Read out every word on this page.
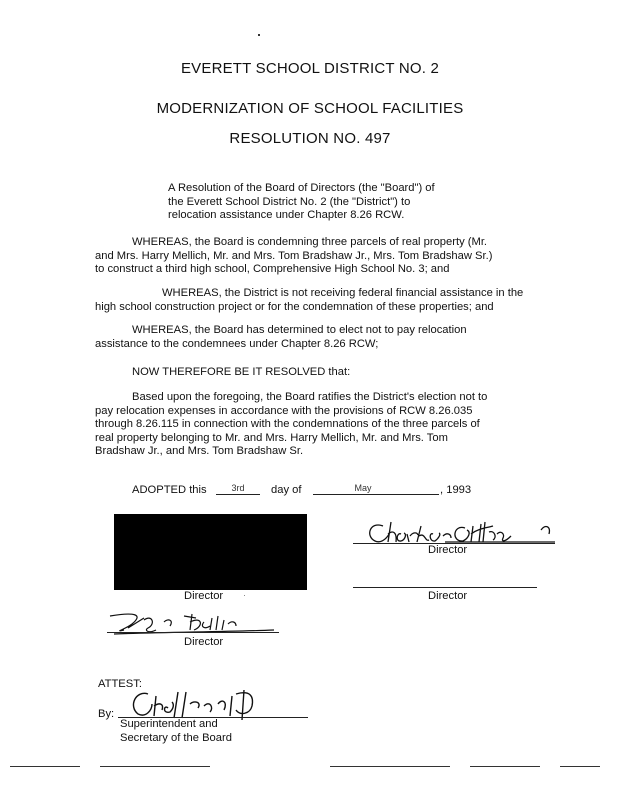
EVERETT SCHOOL DISTRICT NO. 2
MODERNIZATION OF SCHOOL FACILITIES
RESOLUTION NO. 497
A Resolution of the Board of Directors (the "Board") of
the Everett School District No. 2 (the "District") to
relocation assistance under Chapter 8.26 RCW.
WHEREAS, the Board is condemning three parcels of real property (Mr.
and Mrs. Harry Mellich, Mr. and Mrs. Tom Bradshaw Jr., Mrs. Tom Bradshaw Sr.)
to construct a third high school, Comprehensive High School No. 3; and
WHEREAS, the District is not receiving federal financial assistance in the
high school construction project or for the condemnation of these properties; and
WHEREAS, the Board has determined to elect not to pay relocation
assistance to the condemnees under Chapter 8.26 RCW;
NOW THEREFORE BE IT RESOLVED that:
Based upon the foregoing, the Board ratifies the District's election not to
pay relocation expenses in accordance with the provisions of RCW 8.26.035
through 8.26.115 in connection with the condemnations of the three parcels of
real property belonging to Mr. and Mrs. Harry Mellich, Mr. and Mrs. Tom
Bradshaw Jr., and Mrs. Tom Bradshaw Sr.
ADOPTED this	3rd	day of	May	, 1993
Director ·
Director
Director
Director
ATTEST:
By:
Superintendent and
Secretary of the Board
